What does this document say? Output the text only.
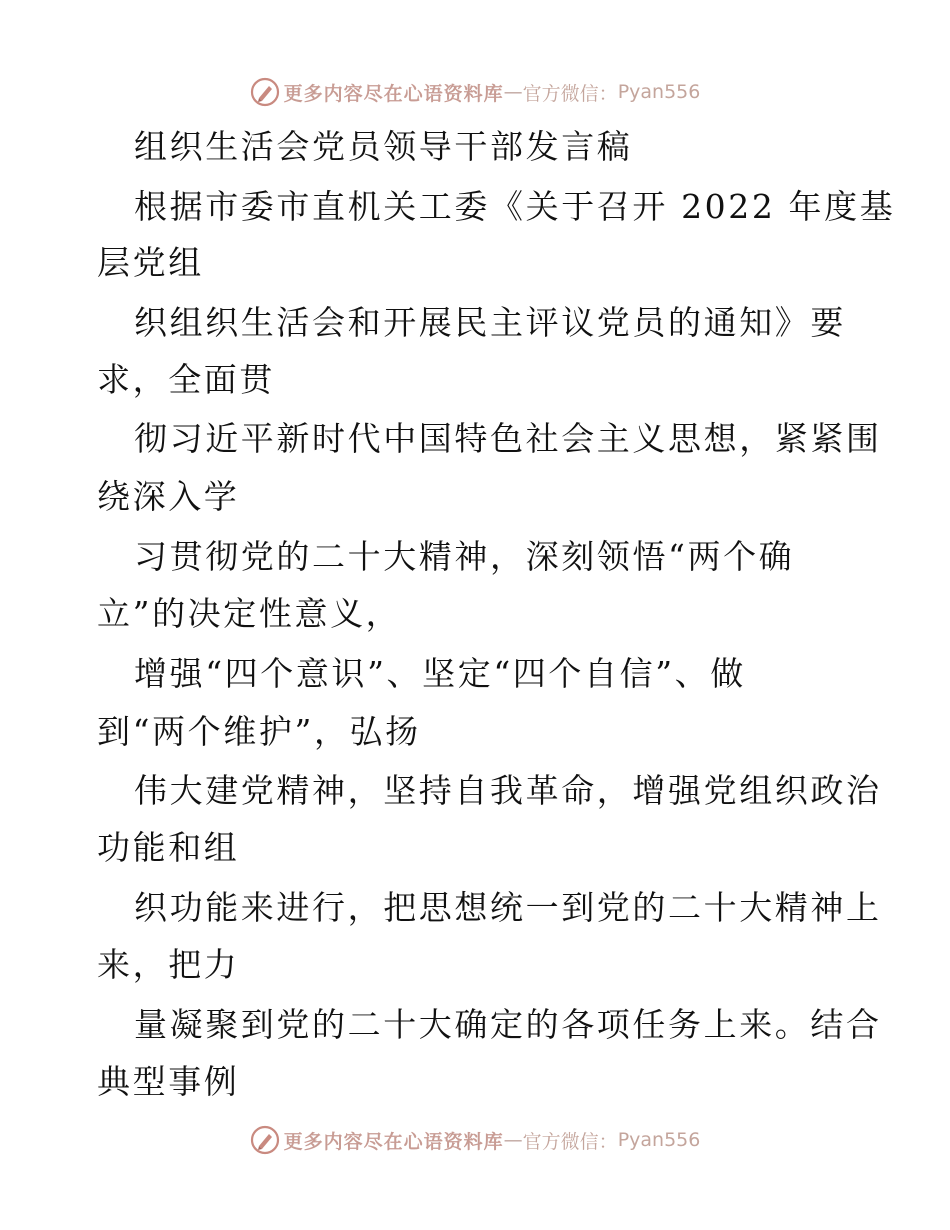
更多内容尽在心语资料库 — 官方微信： Pyan556
组织生活会党员领导干部发言稿
根据市委市直机关工委《关于召开 2022 年度基
层党组
织组织生活会和开展民主评议党员的通知》要
求，全面贯
彻习近平新时代中国特色社会主义思想，紧紧围
绕深入学
习贯彻党的二十大精神，深刻领悟“两个确
立”的决定性意义，
增强“四个意识”、坚定“四个自信”、做
到“两个维护”，弘扬
伟大建党精神，坚持自我革命，增强党组织政治
功能和组
织功能来进行，把思想统一到党的二十大精神上
来，把力
量凝聚到党的二十大确定的各项任务上来。结合
典型事例
更多内容尽在心语资料库 — 官方微信： Pyan556
